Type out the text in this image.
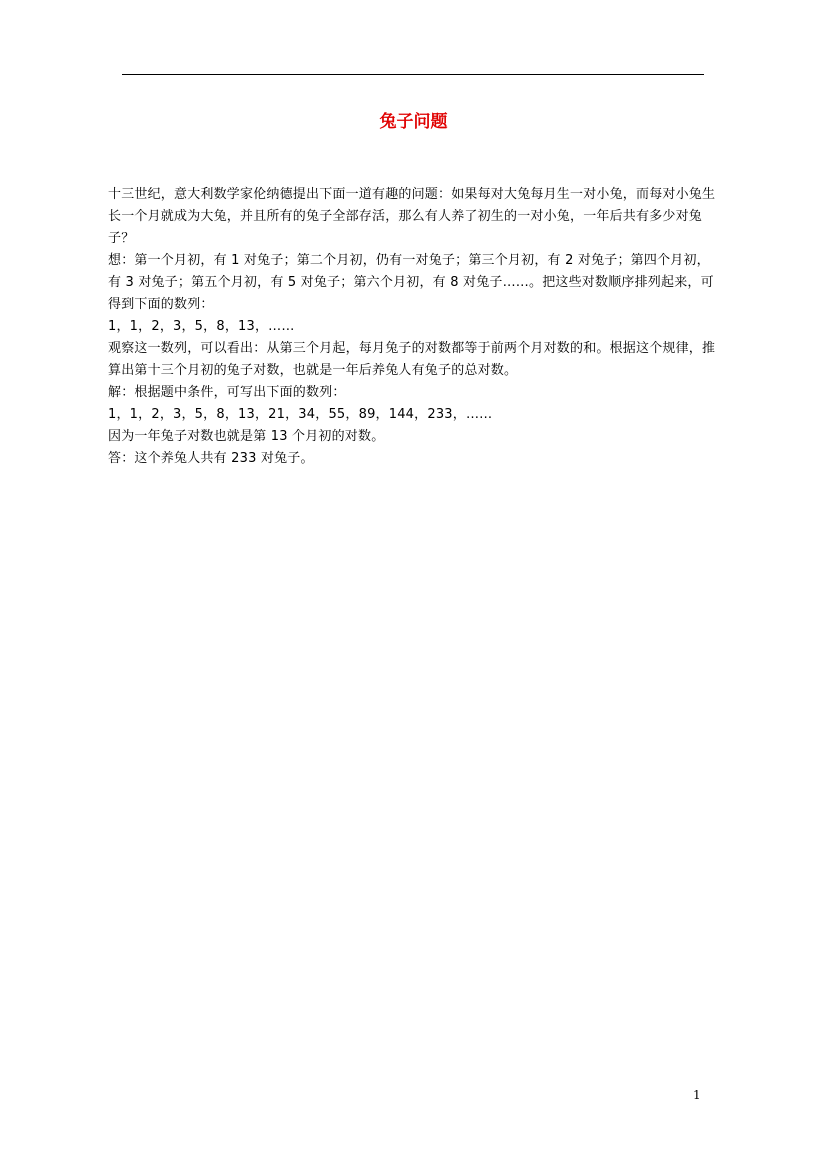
兔子问题

十三世纪，意大利数学家伦纳德提出下面一道有趣的问题：如果每对大兔每月生一对小兔，而每对小兔生长一个月就成为大兔，并且所有的兔子全部存活，那么有人养了初生的一对小兔，一年后共有多少对兔子？

想：第一个月初，有 1 对兔子；第二个月初，仍有一对兔子；第三个月初，有 2 对兔子；第四个月初，有 3 对兔子；第五个月初，有 5 对兔子；第六个月初，有 8 对兔子……。把这些对数顺序排列起来，可得到下面的数列：

1，1，2，3，5，8，13，……

观察这一数列，可以看出：从第三个月起，每月兔子的对数都等于前两个月对数的和。根据这个规律，推算出第十三个月初的兔子对数，也就是一年后养兔人有兔子的总对数。

解：根据题中条件，可写出下面的数列：

1，1，2，3，5，8，13，21，34，55，89，144，233，……

因为一年兔子对数也就是第 13 个月初的对数。

答：这个养兔人共有 233 对兔子。

1
